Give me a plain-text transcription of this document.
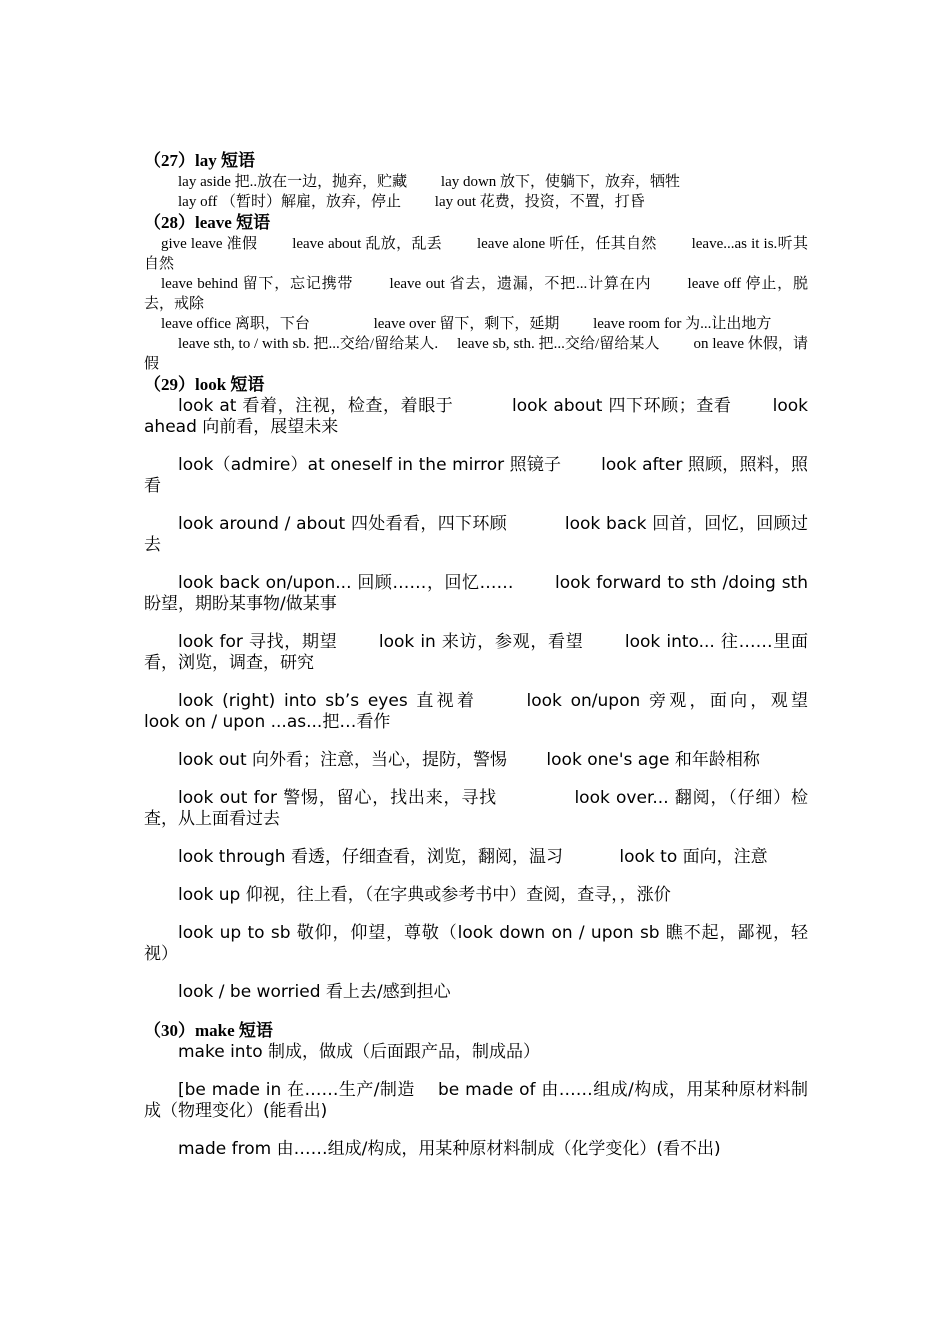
（27）lay 短语

lay aside 把..放在一边，抛弃，贮藏　　 lay down 放下，使躺下，放弃，牺牲

lay off （暂时）解雇，放弃，停止　　 lay out 花费，投资，不置，打昏

（28）leave 短语

give leave 准假　　 leave about 乱放，乱丢　　 leave alone 听任，任其自然　　 leave...as it is.听其自然

leave behind 留下，忘记携带　　 leave out 省去，遗漏，不把...计算在内　　 leave off 停止，脱去，戒除

leave office 离职，下台　　　　 leave over 留下，剩下，延期　　 leave room for 为...让出地方

leave sth, to / with sb. 把...交给/留给某人.　 leave sb, sth. 把...交给/留给某人　　 on leave 休假，请假

（29）look 短语

look at 看着，注视，检查，着眼于　　　 look about 四下环顾；查看　　 look ahead 向前看，展望未来

look（admire）at oneself in the mirror 照镜子　　 look after 照顾，照料，照看

look around / about 四处看看，四下环顾　　　 look back 回首，回忆，回顾过去

look back on/upon... 回顾……，回忆……　　 look forward to sth /doing sth 盼望，期盼某事物/做某事

look for 寻找，期望　　 look in 来访，参观，看望　　 look into... 往……里面看，浏览，调查，研究

look (right) into sb’s eyes 直视着　　 look on/upon 旁观，面向，观望　　　look on / upon ...as...把…看作

look out 向外看；注意，当心，提防，警惕　　 look one's age 和年龄相称

look out for 警惕，留心，找出来，寻找　　　　 look over... 翻阅，（仔细）检查，从上面看过去

look through 看透，仔细查看，浏览，翻阅，温习　　　 look to 面向，注意

look up 仰视，往上看，（在字典或参考书中）查阅，查寻，，涨价

look up to sb 敬仰，仰望，尊敬（look down on / upon sb 瞧不起，鄙视，轻视）

look / be worried 看上去/感到担心

（30）make 短语

make into 制成，做成（后面跟产品，制成品）

[be made in 在……生产/制造　 be made of 由……组成/构成，用某种原材料制成（物理变化）(能看出)

made from 由……组成/构成，用某种原材料制成（化学变化）(看不出)
